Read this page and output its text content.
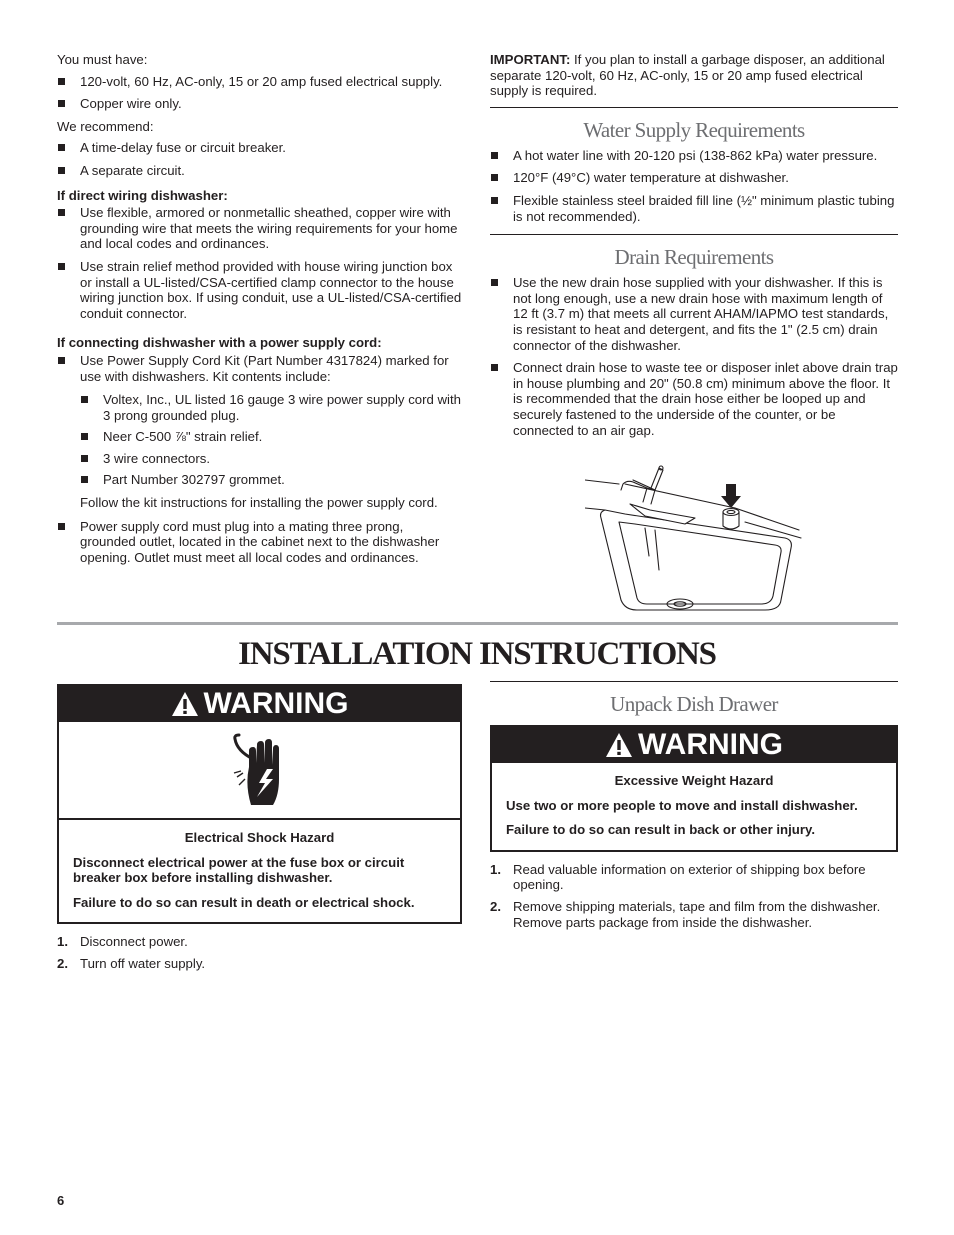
You must have:

120-volt, 60 Hz, AC-only, 15 or 20 amp fused electrical supply.
Copper wire only.

We recommend:

A time-delay fuse or circuit breaker.
A separate circuit.

If direct wiring dishwasher:

Use flexible, armored or nonmetallic sheathed, copper wire with grounding wire that meets the wiring requirements for your home and local codes and ordinances.
Use strain relief method provided with house wiring junction box or install a UL-listed/CSA-certified clamp connector to the house wiring junction box. If using conduit, use a UL-listed/CSA-certified conduit connector.

If connecting dishwasher with a power supply cord:

Use Power Supply Cord Kit (Part Number 4317824) marked for use with dishwashers. Kit contents include:
Voltex, Inc., UL listed 16 gauge 3 wire power supply cord with 3 prong grounded plug.
Neer C-500 ⅞" strain relief.
3 wire connectors.
Part Number 302797 grommet.

Follow the kit instructions for installing the power supply cord.

Power supply cord must plug into a mating three prong, grounded outlet, located in the cabinet next to the dishwasher opening. Outlet must meet all local codes and ordinances.

IMPORTANT: If you plan to install a garbage disposer, an additional separate 120-volt, 60 Hz, AC-only, 15 or 20 amp fused electrical supply is required.

Water Supply Requirements
A hot water line with 20-120 psi (138-862 kPa) water pressure.
120°F (49°C) water temperature at dishwasher.
Flexible stainless steel braided fill line (½" minimum plastic tubing is not recommended).
Drain Requirements
Use the new drain hose supplied with your dishwasher. If this is not long enough, use a new drain hose with maximum length of 12 ft (3.7 m) that meets all current AHAM/IAPMO test standards, is resistant to heat and detergent, and fits the 1" (2.5 cm) drain connector of the dishwasher.
Connect drain hose to waste tee or disposer inlet above drain trap in house plumbing and 20" (50.8 cm) minimum above the floor. It is recommended that the drain hose either be looped up and securely fastened to the underside of the counter, or be connected to an air gap.
INSTALLATION INSTRUCTIONS
WARNING

Electrical Shock Hazard

Disconnect electrical power at the fuse box or circuit breaker box before installing dishwasher.

Failure to do so can result in death or electrical shock.

1. Disconnect power.
2. Turn off water supply.
Unpack Dish Drawer
WARNING

Excessive Weight Hazard

Use two or more people to move and install dishwasher.

Failure to do so can result in back or other injury.

1. Read valuable information on exterior of shipping box before opening.
2. Remove shipping materials, tape and film from the dishwasher. Remove parts package from inside the dishwasher.
6
